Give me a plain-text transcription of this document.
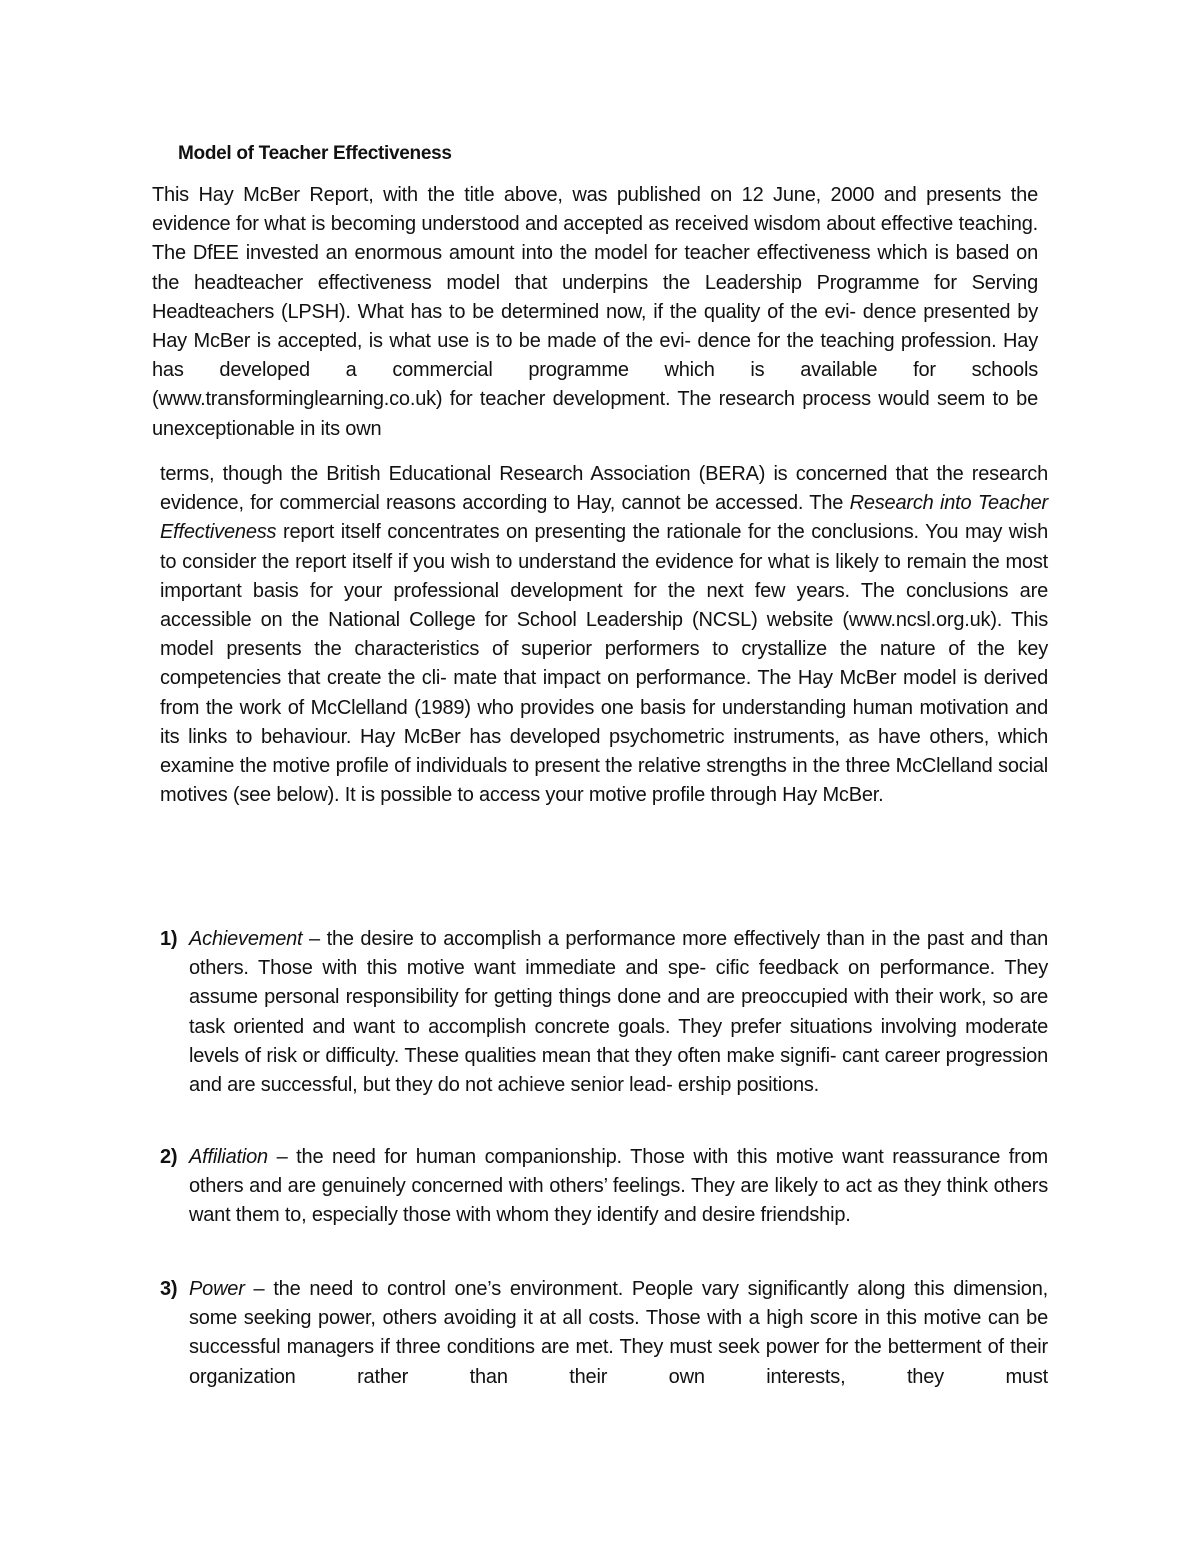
Model of Teacher Effectiveness

This Hay McBer Report, with the title above, was published on 12 June, 2000 and presents the evidence for what is becoming understood and accepted as received wisdom about effective teaching. The DfEE invested an enormous amount into the model for teacher effectiveness which is based on the headteacher effectiveness model that underpins the Leadership Programme for Serving Headteachers (LPSH). What has to be determined now, if the quality of the evi- dence presented by Hay McBer is accepted, is what use is to be made of the evi- dence for the teaching profession. Hay has developed a commercial programme which is available for schools (www.transforminglearning.co.uk) for teacher development. The research process would seem to be unexceptionable in its own

terms, though the British Educational Research Association (BERA) is concerned that the research evidence, for commercial reasons according to Hay, cannot be accessed. The Research into Teacher Effectiveness report itself concentrates on presenting the rationale for the conclusions. You may wish to consider the report itself if you wish to understand the evidence for what is likely to remain the most important basis for your professional development for the next few years. The conclusions are accessible on the National College for School Leadership (NCSL) website (www.ncsl.org.uk). This model presents the characteristics of superior performers to crystallize the nature of the key competencies that create the cli- mate that impact on performance. The Hay McBer model is derived from the work of McClelland (1989) who provides one basis for understanding human motivation and its links to behaviour. Hay McBer has developed psychometric instruments, as have others, which examine the motive profile of individuals to present the relative strengths in the three McClelland social motives (see below). It is possible to access your motive profile through Hay McBer.

1) Achievement – the desire to accomplish a performance more effectively than in the past and than others. Those with this motive want immediate and spe- cific feedback on performance. They assume personal responsibility for getting things done and are preoccupied with their work, so are task oriented and want to accomplish concrete goals. They prefer situations involving moderate levels of risk or difficulty. These qualities mean that they often make signifi- cant career progression and are successful, but they do not achieve senior lead- ership positions.
2) Affiliation – the need for human companionship. Those with this motive want reassurance from others and are genuinely concerned with others’ feelings. They are likely to act as they think others want them to, especially those with whom they identify and desire friendship.
3) Power – the need to control one’s environment. People vary significantly along this dimension, some seeking power, others avoiding it at all costs. Those with a high score in this motive can be successful managers if three conditions are met. They must seek power for the betterment of their organization rather than their own interests, they must
